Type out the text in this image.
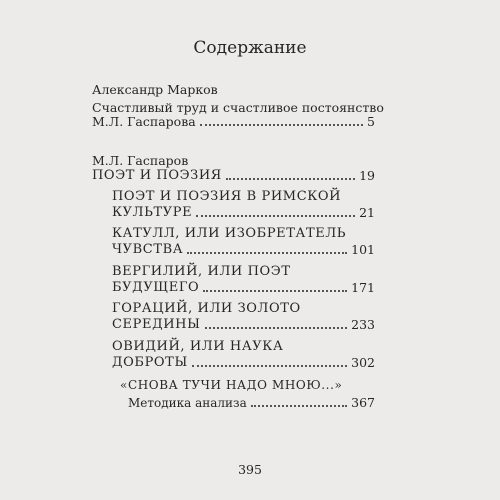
Содержание
Александр Марков
Счастливый труд и счастливое постоянство
М.Л. Гаспарова	5
М.Л. Гаспаров
ПОЭТ И ПОЭЗИЯ	19
ПОЭТ И ПОЭЗИЯ В РИМСКОЙ
КУЛЬТУРЕ	21
КАТУЛЛ, ИЛИ ИЗОБРЕТАТЕЛЬ
ЧУВСТВА	101
ВЕРГИЛИЙ, ИЛИ ПОЭТ
БУДУЩЕГО	171
ГОРАЦИЙ, ИЛИ ЗОЛОТО
СЕРЕДИНЫ	233
ОВИДИЙ, ИЛИ НАУКА
ДОБРОТЫ	302
«СНОВА ТУЧИ НАДО МНОЮ...»
Методика анализа	367
395
